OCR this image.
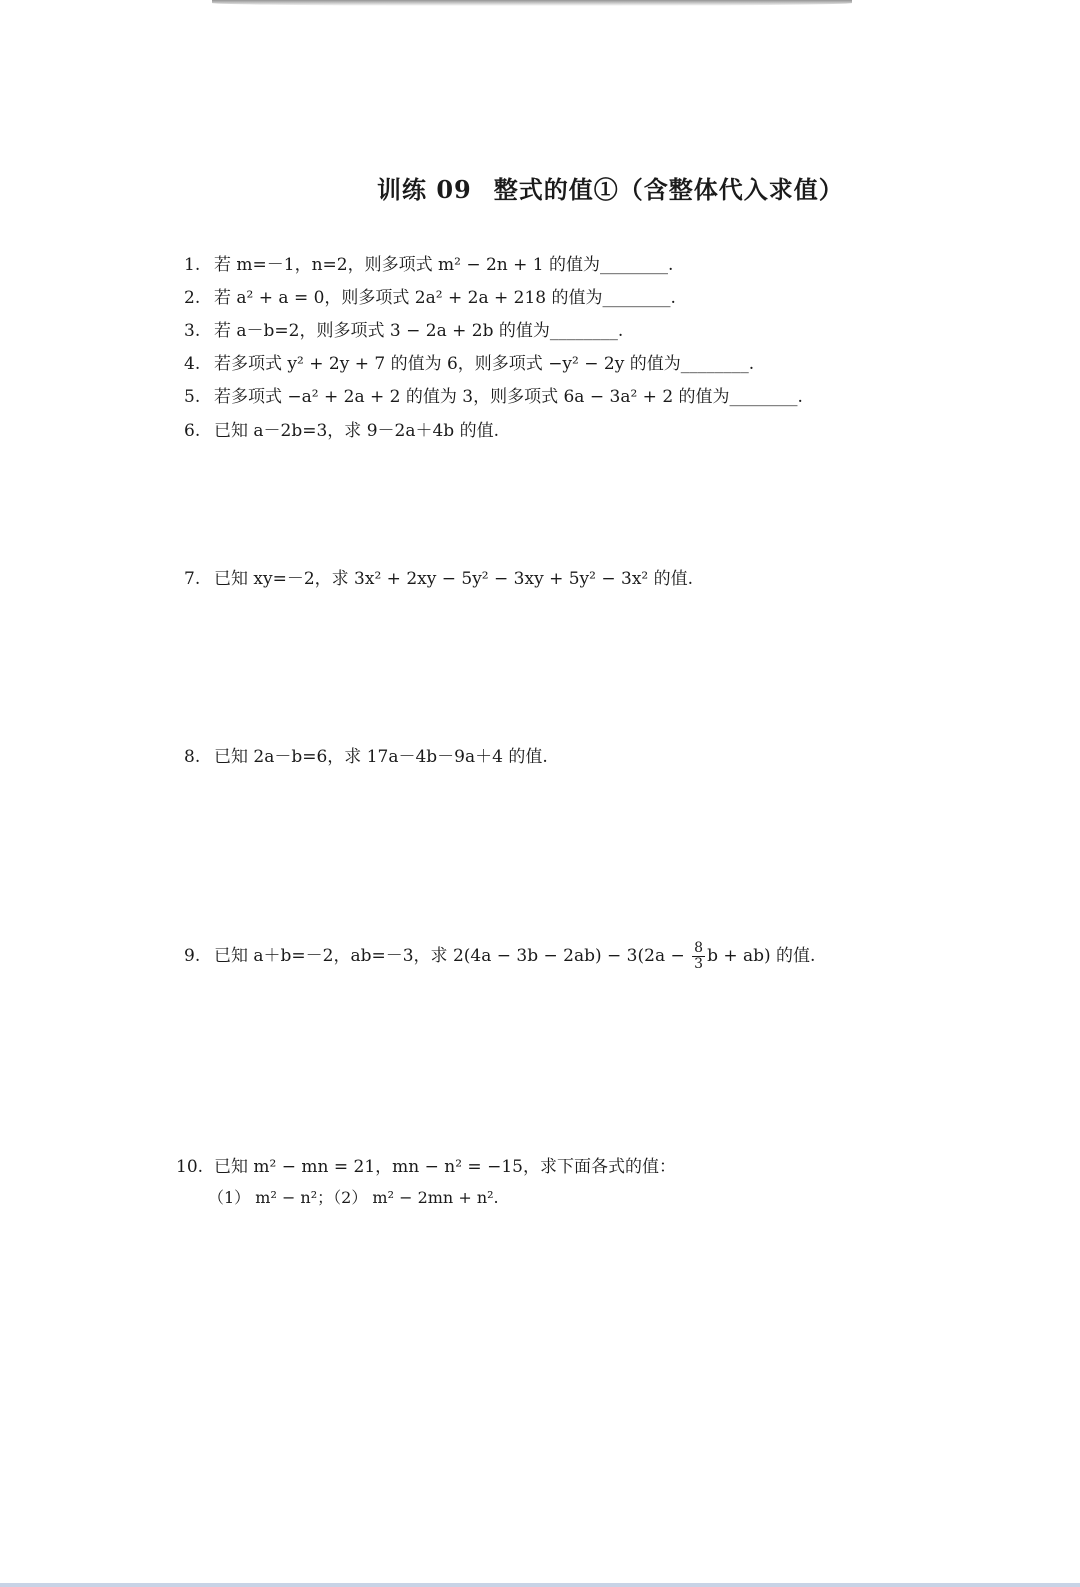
训练 09 整式的值①（含整体代入求值）
1. 若 m=－1，n=2，则多项式 m² − 2n + 1 的值为________.
2. 若 a² + a = 0，则多项式 2a² + 2a + 218 的值为________.
3. 若 a－b=2，则多项式 3 − 2a + 2b 的值为________.
4. 若多项式 y² + 2y + 7 的值为 6，则多项式 −y² − 2y 的值为________.
5. 若多项式 −a² + 2a + 2 的值为 3，则多项式 6a − 3a² + 2 的值为________.
6. 已知 a－2b=3，求 9－2a＋4b 的值.
7. 已知 xy=－2，求 3x² + 2xy − 5y² − 3xy + 5y² − 3x² 的值.
8. 已知 2a－b=6，求 17a－4b－9a＋4 的值.
9. 已知 a＋b=－2，ab=－3，求 $2(4a - 3b - 2ab) - 3(2a - \frac{8}{3}$ b + ab) 的值.
10. 已知 m² − mn = 21，mn − n² = −15，求下面各式的值：
（1） m² − n²；（2） m² − 2mn + n².
